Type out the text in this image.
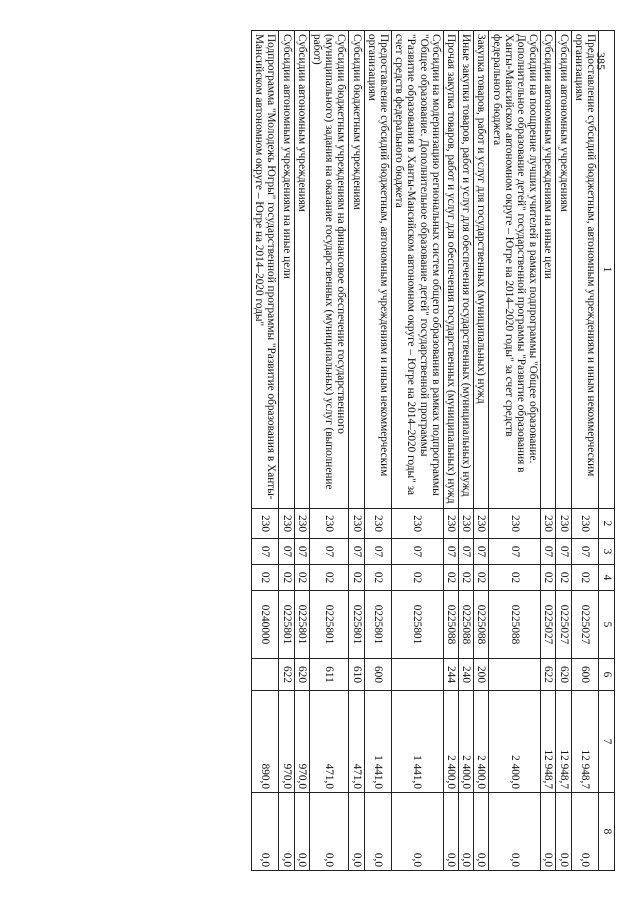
385
1	2	3	4	5	6	7	8
Предоставление субсидий бюджетным, автономным учреждениям и иным некоммерческим организациям	230	07	02	0225027	600	12 948,7	0,0
Субсидии автономным учреждениям	230	07	02	0225027	620	12 948,7	0,0
Субсидии автономным учреждениям на иные цели	230	07	02	0225027	622	12 948,7	0,0
Субсидии на поощрение лучших учителей в рамках подпрограммы "Общее образование. Дополнительное образование детей" государственной программы "Развитие образования в Ханты-Мансийском автономном округе – Югре на 2014–2020 годы" за счет средств федерального бюджета	230	07	02	0225088		2 400,0	0,0
Закупка товаров, работ и услуг для государственных (муниципальных) нужд	230	07	02	0225088	200	2 400,0	0,0
Иные закупки товаров, работ и услуг для обеспечения государственных (муниципальных) нужд	230	07	02	0225088	240	2 400,0	0,0
Прочая закупка товаров, работ и услуг для обеспечения государственных (муниципальных) нужд	230	07	02	0225088	244	2 400,0	0,0
Субсидии на модернизацию региональных систем общего образования в рамках подпрограммы "Общее образование. Дополнительное образование детей" государственной программы "Развитие образования в Ханты-Мансийском автономном округе – Югре на 2014–2020 годы" за счет средств федерального бюджета	230	07	02	0225801		1 441,0	0,0
Предоставление субсидий бюджетным, автономным учреждениям и иным некоммерческим организациям	230	07	02	0225801	600	1 441,0	0,0
Субсидии бюджетным учреждениям	230	07	02	0225801	610	471,0	0,0
Субсидии бюджетным учреждениям на финансовое обеспечение государственного (муниципального) задания на оказание государственных (муниципальных) услуг (выполнение работ)	230	07	02	0225801	611	471,0	0,0
Субсидии автономным учреждениям	230	07	02	0225801	620	970,0	0,0
Субсидии автономным учреждениям на иные цели	230	07	02	0225801	622	970,0	0,0
Подпрограмма "Молодежь Югры" государственной программы "Развитие образования в Ханты-Мансийском автономном округе – Югре на 2014–2020 годы"	230	07	02	0240000		890,0	0,0
